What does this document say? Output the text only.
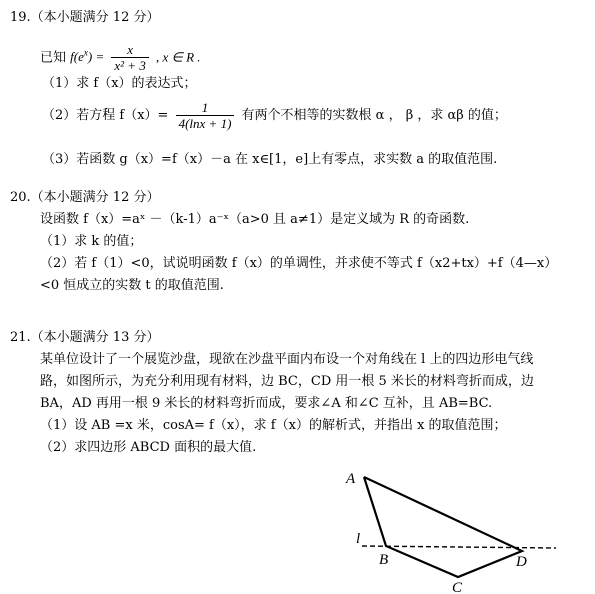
19.（本小题满分 12 分）
已知 $f(e^x) = \frac{x}{\text{x² + 3}}$ , x ∈ R .
（1）求 f（x）的表达式；
（2）若方程 $f(x)= \frac{1}{4(\ln x + 1)}$ 有两个不相等的实数根 α ， β ，求 αβ 的值；
（3）若函数 g（x）=f（x）－a 在 x∈[1，e]上有零点，求实数 a 的取值范围.
20.（本小题满分 12 分）
设函数 f（x）=aˣ －（k-1）a⁻ˣ（a>0 且 a≠1）是定义域为 R 的奇函数.
（1）求 k 的值；
（2）若 f（1）<0，试说明函数 f（x）的单调性，并求使不等式 f（x2+tx）+f（4—x）
<0 恒成立的实数 t 的取值范围.
21.（本小题满分 13 分）
某单位设计了一个展览沙盘，现欲在沙盘平面内布设一个对角线在 l 上的四边形电气线
路，如图所示，为充分利用现有材料，边 BC，CD 用一根 5 米长的材料弯折而成，边
BA，AD 再用一根 9 米长的材料弯折而成，要求∠A 和∠C 互补，且 AB=BC.
（1）设 AB =x 米，cosA= f（x），求 f（x）的解析式，并指出 x 的取值范围；
（2）求四边形 ABCD 面积的最大值.
A
B
C
D
l
